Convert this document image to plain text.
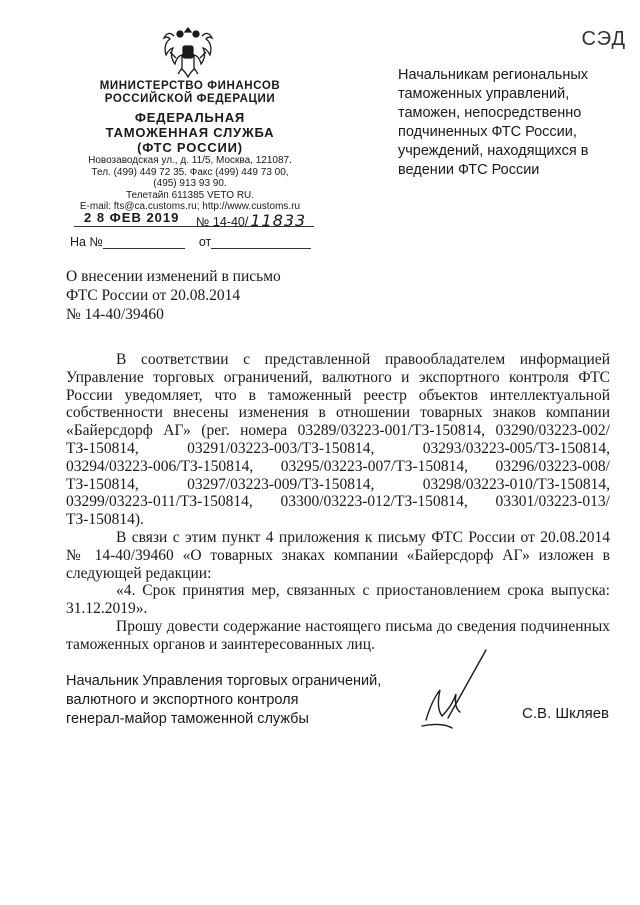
СЭД
МИНИСТЕРСТВО ФИНАНСОВ
РОССИЙСКОЙ ФЕДЕРАЦИИ
ФЕДЕРАЛЬНАЯ
ТАМОЖЕННАЯ СЛУЖБА
(ФТС РОССИИ)
Новозаводская ул., д. 11/5, Москва, 121087.
Тел. (499) 449 72 35. Факс (499) 449 73 00,
(495) 913 93 90.
Телетайп 611385 VETO RU.
E-mail: fts@ca.customs.ru; http://www.customs.ru
Начальникам региональных таможенных управлений, таможен, непосредственно подчиненных ФТС России, учреждений, находящихся в ведении ФТС России
2 8 ФЕВ 2019 № 14-40/ 11833
На №	от
О внесении изменений в письмо
ФТС России от 20.08.2014
№ 14-40/39460

В соответствии с представленной правообладателем информацией Управление торговых ограничений, валютного и экспортного контроля ФТС России уведомляет, что в таможенный реестр объектов интеллектуальной собственности внесены изменения в отношении товарных знаков компании «Байерсдорф АГ» (рег. номера 03289/03223-001/ТЗ-150814, 03290/03223-002/ТЗ-150814, 03291/03223-003/ТЗ-150814, 03293/03223-005/ТЗ-150814, 03294/03223-006/ТЗ-150814, 03295/03223-007/ТЗ-150814, 03296/03223-008/ТЗ-150814, 03297/03223-009/ТЗ-150814, 03298/03223-010/ТЗ-150814, 03299/03223-011/ТЗ-150814, 03300/03223-012/ТЗ-150814, 03301/03223-013/ТЗ-150814).

В связи с этим пункт 4 приложения к письму ФТС России от 20.08.2014 № 14-40/39460 «О товарных знаках компании «Байерсдорф АГ» изложен в следующей редакции:

«4. Срок принятия мер, связанных с приостановлением срока выпуска: 31.12.2019».

Прошу довести содержание настоящего письма до сведения подчиненных таможенных органов и заинтересованных лиц.

Начальник Управления торговых ограничений,
валютного и экспортного контроля
генерал-майор таможенной службы	С.В. Шкляев
